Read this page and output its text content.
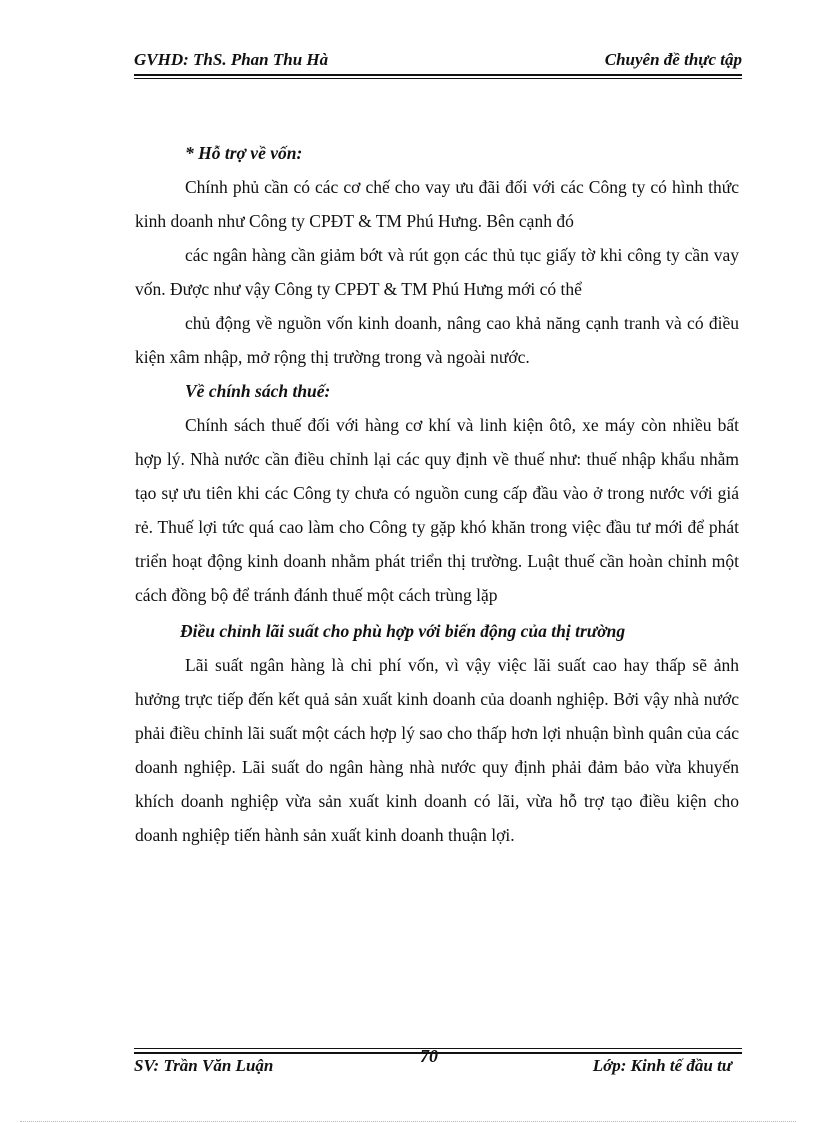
GVHD: ThS. Phan Thu Hà	Chuyên đề thực tập

* Hỗ trợ về vốn:

Chính phủ cần có các cơ chế cho vay ưu đãi đối với các Công ty có hình thức kinh doanh như Công ty CPĐT & TM Phú Hưng. Bên cạnh đó

các ngân hàng cần giảm bớt và rút gọn các thủ tục giấy tờ khi công ty cần vay vốn. Được như vậy Công ty CPĐT & TM Phú Hưng mới có thể

chủ động về nguồn vốn kinh doanh, nâng cao khả năng cạnh tranh và có điều kiện xâm nhập, mở rộng thị trường trong và ngoài nước.

Về chính sách thuế:

Chính sách thuế đối với hàng cơ khí và linh kiện ôtô, xe máy còn nhiều bất hợp lý. Nhà nước cần điều chỉnh lại các quy định về thuế như: thuế nhập khẩu nhằm tạo sự ưu tiên khi các Công ty chưa có nguồn cung cấp đầu vào ở trong nước với giá rẻ. Thuế lợi tức quá cao làm cho Công ty gặp khó khăn trong việc đầu tư mới để phát triển hoạt động kinh doanh nhằm phát triển thị trường. Luật thuế cần hoàn chỉnh một cách đồng bộ để tránh đánh thuế một cách trùng lặp

Điều chỉnh lãi suất cho phù hợp với biến động của thị trường

Lãi suất ngân hàng là chi phí vốn, vì vậy việc lãi suất cao hay thấp sẽ ảnh hưởng trực tiếp đến kết quả sản xuất kinh doanh của doanh nghiệp. Bởi vậy nhà nước phải điều chỉnh lãi suất một cách hợp lý sao cho thấp hơn lợi nhuận bình quân của các doanh nghiệp. Lãi suất do ngân hàng nhà nước quy định phải đảm bảo vừa khuyến khích doanh nghiệp vừa sản xuất kinh doanh có lãi, vừa hỗ trợ tạo điều kiện cho doanh nghiệp tiến hành sản xuất kinh doanh thuận lợi.

SV: Trần Văn Luận	70	Lớp: Kinh tế đầu tư
